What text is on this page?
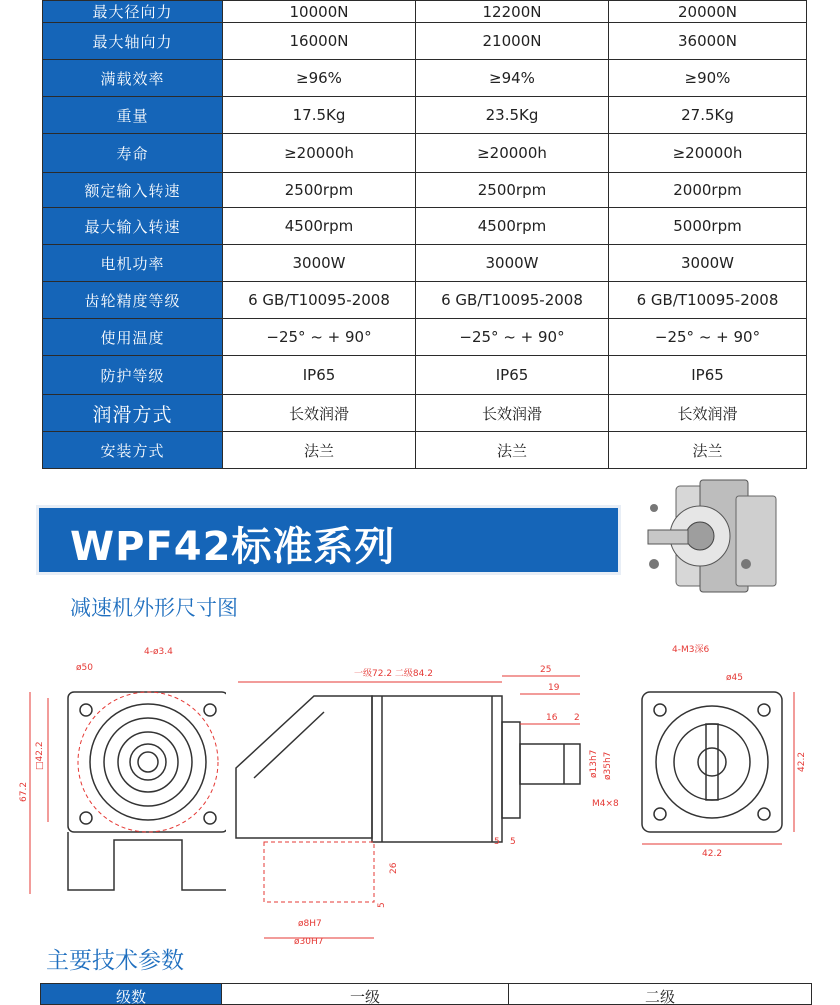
最大径向力	10000N	12200N	20000N
最大轴向力	16000N	21000N	36000N
满载效率	≥96%	≥94%	≥90%
重量	17.5Kg	23.5Kg	27.5Kg
寿命	≥20000h	≥20000h	≥20000h
额定输入转速	2500rpm	2500rpm	2000rpm
最大输入转速	4500rpm	4500rpm	5000rpm
电机功率	3000W	3000W	3000W
齿轮精度等级	6 GB/T10095-2008	6 GB/T10095-2008	6 GB/T10095-2008
使用温度	−25° ~ + 90°	−25° ~ + 90°	−25° ~ + 90°
防护等级	IP65	IP65	IP65
润滑方式	长效润滑	长效润滑	长效润滑
安装方式	法兰	法兰	法兰
WPF42标准系列
减速机外形尺寸图
ø50
4-ø3.4
□42.2
67.2
一级72.2 二级84.2	25
19
16 2
ø13h7 ø35h7
M4×8
5 5
26
5
ø8H7
ø30H7
4-M3深6
ø45
42.2
42.2
主要技术参数
级数	一级	二级
